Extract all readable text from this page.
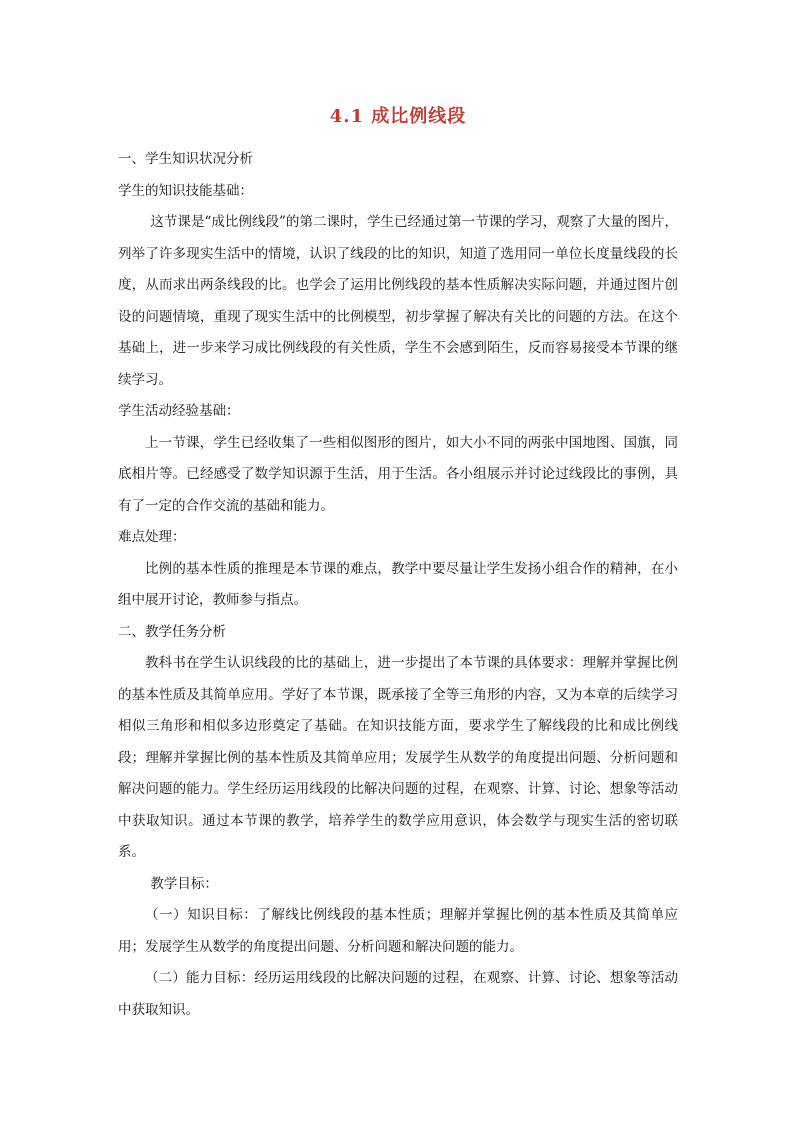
4.1 成比例线段

一、学生知识状况分析

学生的知识技能基础：

这节课是“成比例线段”的第二课时，学生已经通过第一节课的学习，观察了大量的图片，列举了许多现实生活中的情境，认识了线段的比的知识，知道了选用同一单位长度量线段的长度，从而求出两条线段的比。也学会了运用比例线段的基本性质解决实际问题，并通过图片创设的问题情境，重现了现实生活中的比例模型，初步掌握了解决有关比的问题的方法。在这个基础上，进一步来学习成比例线段的有关性质，学生不会感到陌生，反而容易接受本节课的继续学习。

学生活动经验基础：

上一节课，学生已经收集了一些相似图形的图片，如大小不同的两张中国地图、国旗，同底相片等。已经感受了数学知识源于生活，用于生活。各小组展示并讨论过线段比的事例，具有了一定的合作交流的基础和能力。

难点处理：

比例的基本性质的推理是本节课的难点，教学中要尽量让学生发扬小组合作的精神，在小组中展开讨论，教师参与指点。

二、教学任务分析

教科书在学生认识线段的比的基础上，进一步提出了本节课的具体要求：理解并掌握比例的基本性质及其简单应用。学好了本节课，既承接了全等三角形的内容，又为本章的后续学习相似三角形和相似多边形奠定了基础。在知识技能方面，要求学生了解线段的比和成比例线段；理解并掌握比例的基本性质及其简单应用；发展学生从数学的角度提出问题、分析问题和解决问题的能力。学生经历运用线段的比解决问题的过程，在观察、计算、讨论、想象等活动中获取知识。通过本节课的教学，培养学生的数学应用意识，体会数学与现实生活的密切联系。

教学目标：

（一）知识目标：了解线比例线段的基本性质；理解并掌握比例的基本性质及其简单应用；发展学生从数学的角度提出问题、分析问题和解决问题的能力。

（二）能力目标：经历运用线段的比解决问题的过程，在观察、计算、讨论、想象等活动中获取知识。
